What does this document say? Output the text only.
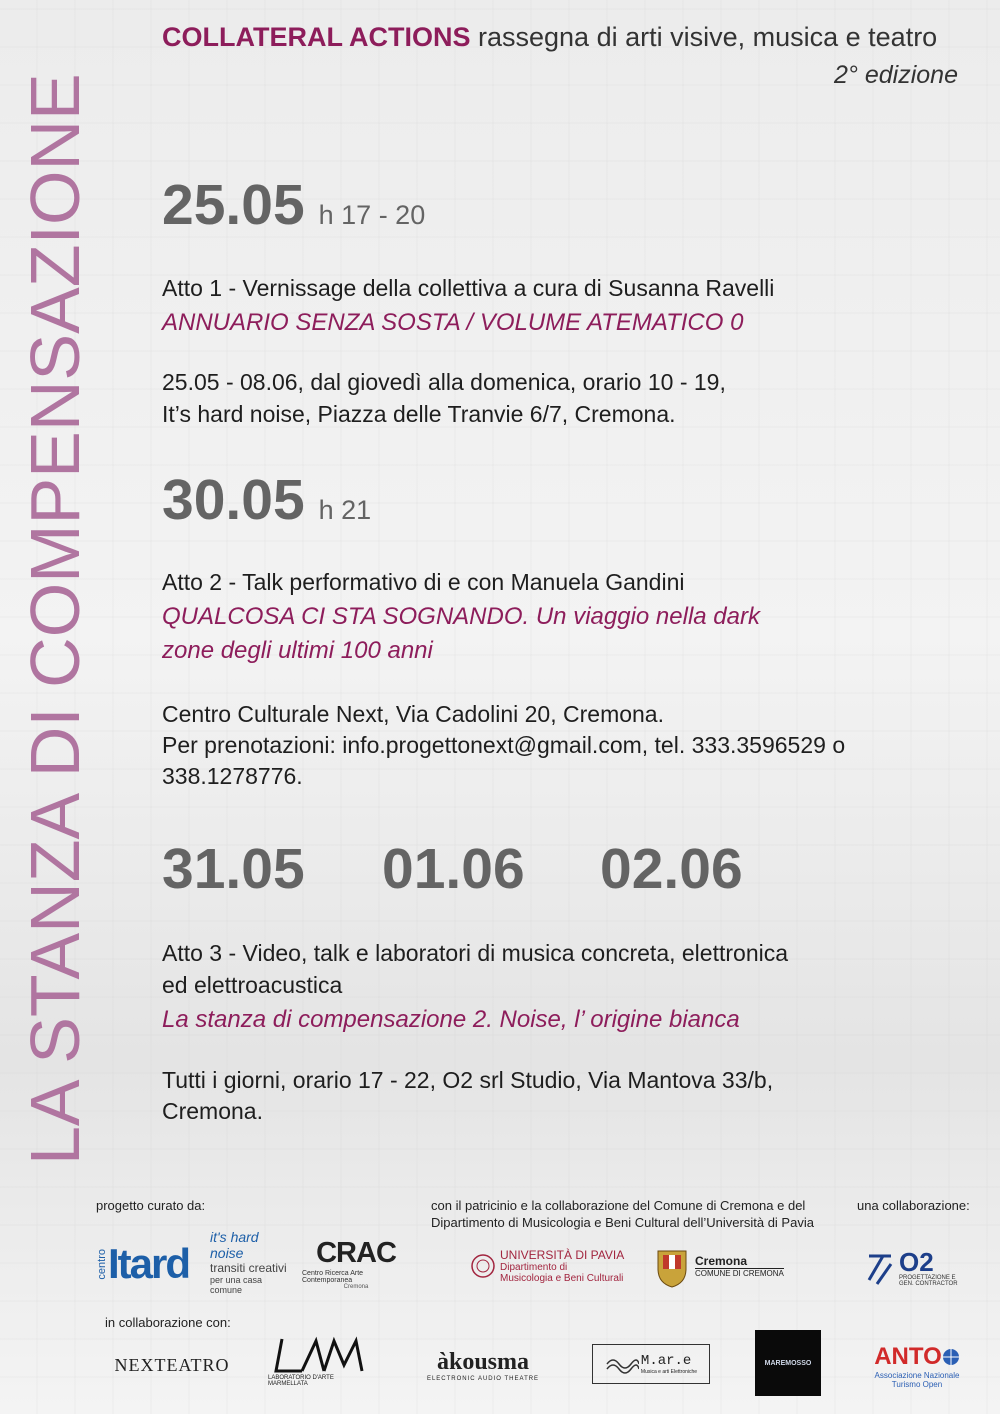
LA STANZA DI COMPENSAZIONE
COLLATERAL ACTIONS rassegna di arti visive, musica e teatro
2° edizione
25.05 h 17 - 20
Atto 1 - Vernissage della collettiva a cura di Susanna Ravelli
ANNUARIO SENZA SOSTA / VOLUME ATEMATICO 0
25.05 - 08.06, dal giovedì alla domenica, orario 10 - 19,
It’s hard noise, Piazza delle Tranvie 6/7, Cremona.
30.05 h 21
Atto 2 - Talk performativo di e con Manuela Gandini
QUALCOSA CI STA SOGNANDO. Un viaggio nella dark
zone degli ultimi 100 anni
Centro Culturale Next, Via Cadolini 20, Cremona.
Per prenotazioni: info.progettonext@gmail.com, tel. 333.3596529 o
338.1278776.
31.05 01.06 02.06
Atto 3 - Video, talk e laboratori di musica concreta, elettronica
ed elettroacustica
La stanza di compensazione 2. Noise, l’ origine bianca
Tutti i giorni, orario 17 - 22, O2 srl Studio, Via Mantova 33/b,
Cremona.
progetto curato da:	con il patricinio e la collaborazione del Comune di Cremona e del
Dipartimento di Musicologia e Beni Cultural dell’Università di Pavia
una collaborazione:
in collaborazione con:
centro Itard
it's hard noise
transiti creativi
per una casa comune
CRAC
Centro Ricerca Arte Contemporanea
Cremona
UNIVERSITÀ DI PAVIA
Dipartimento di
Musicologia e Beni Culturali
Cremona
COMUNE DI CREMONA	O2
PROGETTAZIONE E
GEN. CONTRACTOR
NEXTEATRO
LABORATORIO D'ARTE MARMELLATA
àkousma
ELECTRONIC AUDIO THEATRE
M.ar.e
Musica e arti Elettroniche
MAREMOSSO	ANTO
Associazione Nazionale
Turismo Open
